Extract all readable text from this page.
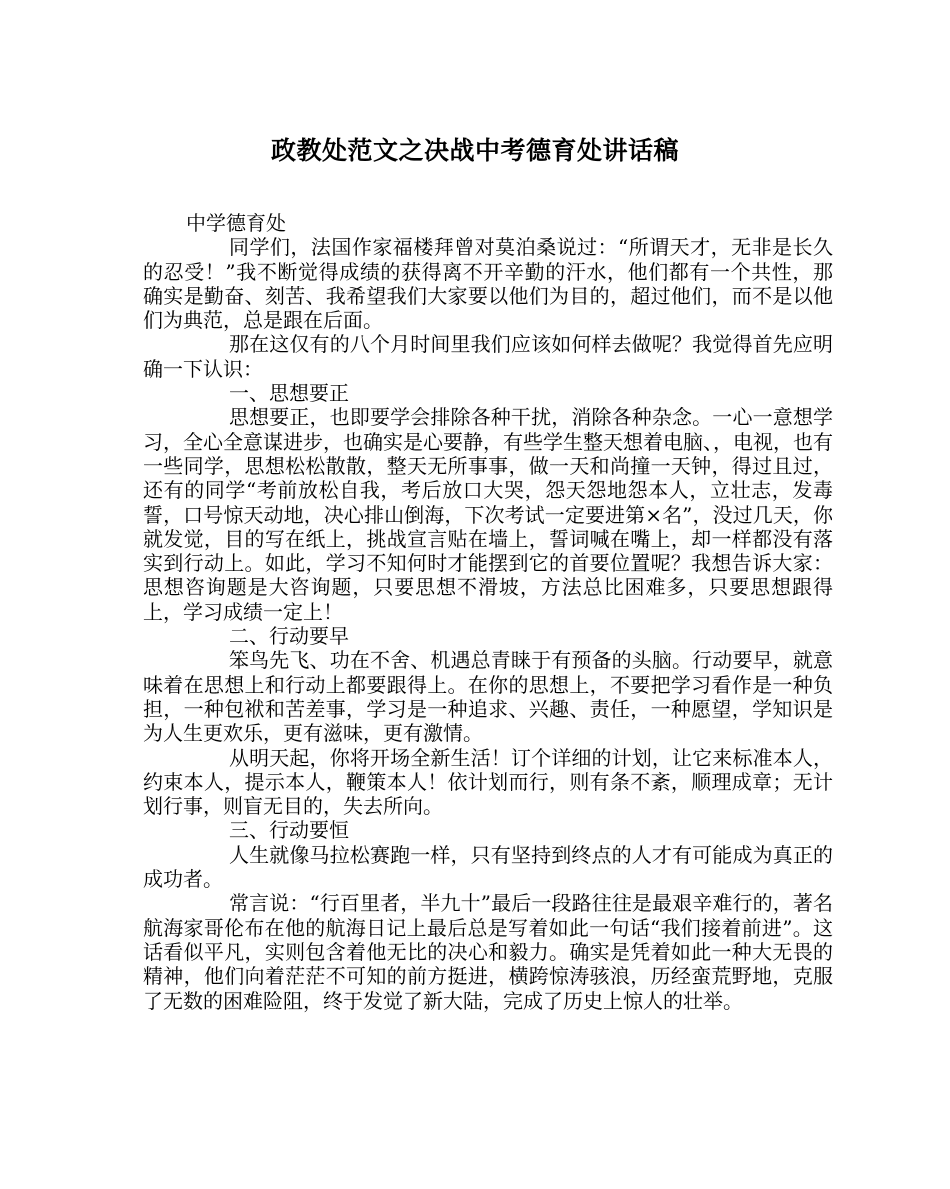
政教处范文之决战中考德育处讲话稿

中学德育处

同学们，法国作家福楼拜曾对莫泊桑说过：“所谓天才，无非是长久的忍受！”我不断觉得成绩的获得离不开辛勤的汗水，他们都有一个共性，那确实是勤奋、刻苦、我希望我们大家要以他们为目的，超过他们，而不是以他们为典范，总是跟在后面。

那在这仅有的八个月时间里我们应该如何样去做呢？我觉得首先应明确一下认识：

一、思想要正

思想要正，也即要学会排除各种干扰，消除各种杂念。一心一意想学习，全心全意谋进步，也确实是心要静，有些学生整天想着电脑、，电视，也有一些同学，思想松松散散，整天无所事事，做一天和尚撞一天钟，得过且过，还有的同学“考前放松自我，考后放口大哭，怨天怨地怨本人，立壮志，发毒誓，口号惊天动地，决心排山倒海，下次考试一定要进第×名”，没过几天，你就发觉，目的写在纸上，挑战宣言贴在墙上，誓词喊在嘴上，却一样都没有落实到行动上。如此，学习不知何时才能摆到它的首要位置呢？我想告诉大家：思想咨询题是大咨询题，只要思想不滑坡，方法总比困难多，只要思想跟得上，学习成绩一定上！

二、行动要早

笨鸟先飞、功在不舍、机遇总青睐于有预备的头脑。行动要早，就意味着在思想上和行动上都要跟得上。在你的思想上，不要把学习看作是一种负担，一种包袱和苦差事，学习是一种追求、兴趣、责任，一种愿望，学知识是为人生更欢乐，更有滋味，更有激情。

从明天起，你将开场全新生活！订个详细的计划，让它来标准本人，约束本人，提示本人，鞭策本人！依计划而行，则有条不紊，顺理成章；无计划行事，则盲无目的，失去所向。

三、行动要恒

人生就像马拉松赛跑一样，只有坚持到终点的人才有可能成为真正的成功者。

常言说：“行百里者，半九十”最后一段路往往是最艰辛难行的，著名航海家哥伦布在他的航海日记上最后总是写着如此一句话“我们接着前进”。这话看似平凡，实则包含着他无比的决心和毅力。确实是凭着如此一种大无畏的精神，他们向着茫茫不可知的前方挺进，横跨惊涛骇浪，历经蛮荒野地，克服了无数的困难险阻，终于发觉了新大陆，完成了历史上惊人的壮举。
